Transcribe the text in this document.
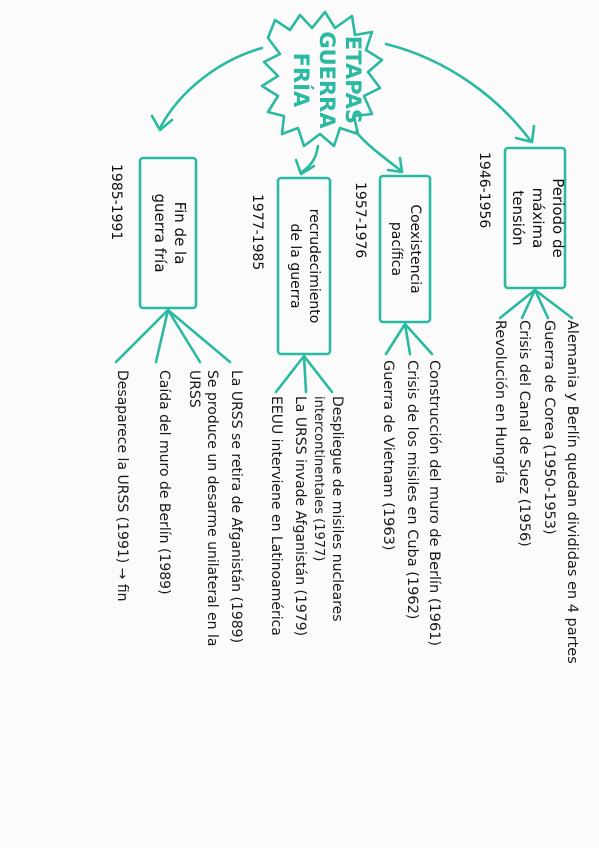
ETAPAS
GUERRA
FRÍA
Periodo de
máxima
tensión
1946-1956
Alemania y Berlín quedan divididas en 4 partes
Guerra de Corea (1950-1953)
Crisis del Canal de Suez (1956)
Revolución en Hungría
Coexistencia
pacífica
1957-1976
Construcción del muro de Berlín (1961)
Crisis de los misiles en Cuba (1962)
Guerra de Vietnam (1963)
recrudecimiento
de la guerra
1977-1985
Despliegue de misiles nucleares
intercontinentales (1977)
La URSS invade Afganistán (1979)
EEUU interviene en Latinoamérica
Fin de la
guerra fría
1985-1991
La URSS se retira de Afganistán (1989)
Se produce un desarme unilateral en la
URSS
Caída del muro de Berlín (1989)
Desaparece la URSS (1991) → fin
